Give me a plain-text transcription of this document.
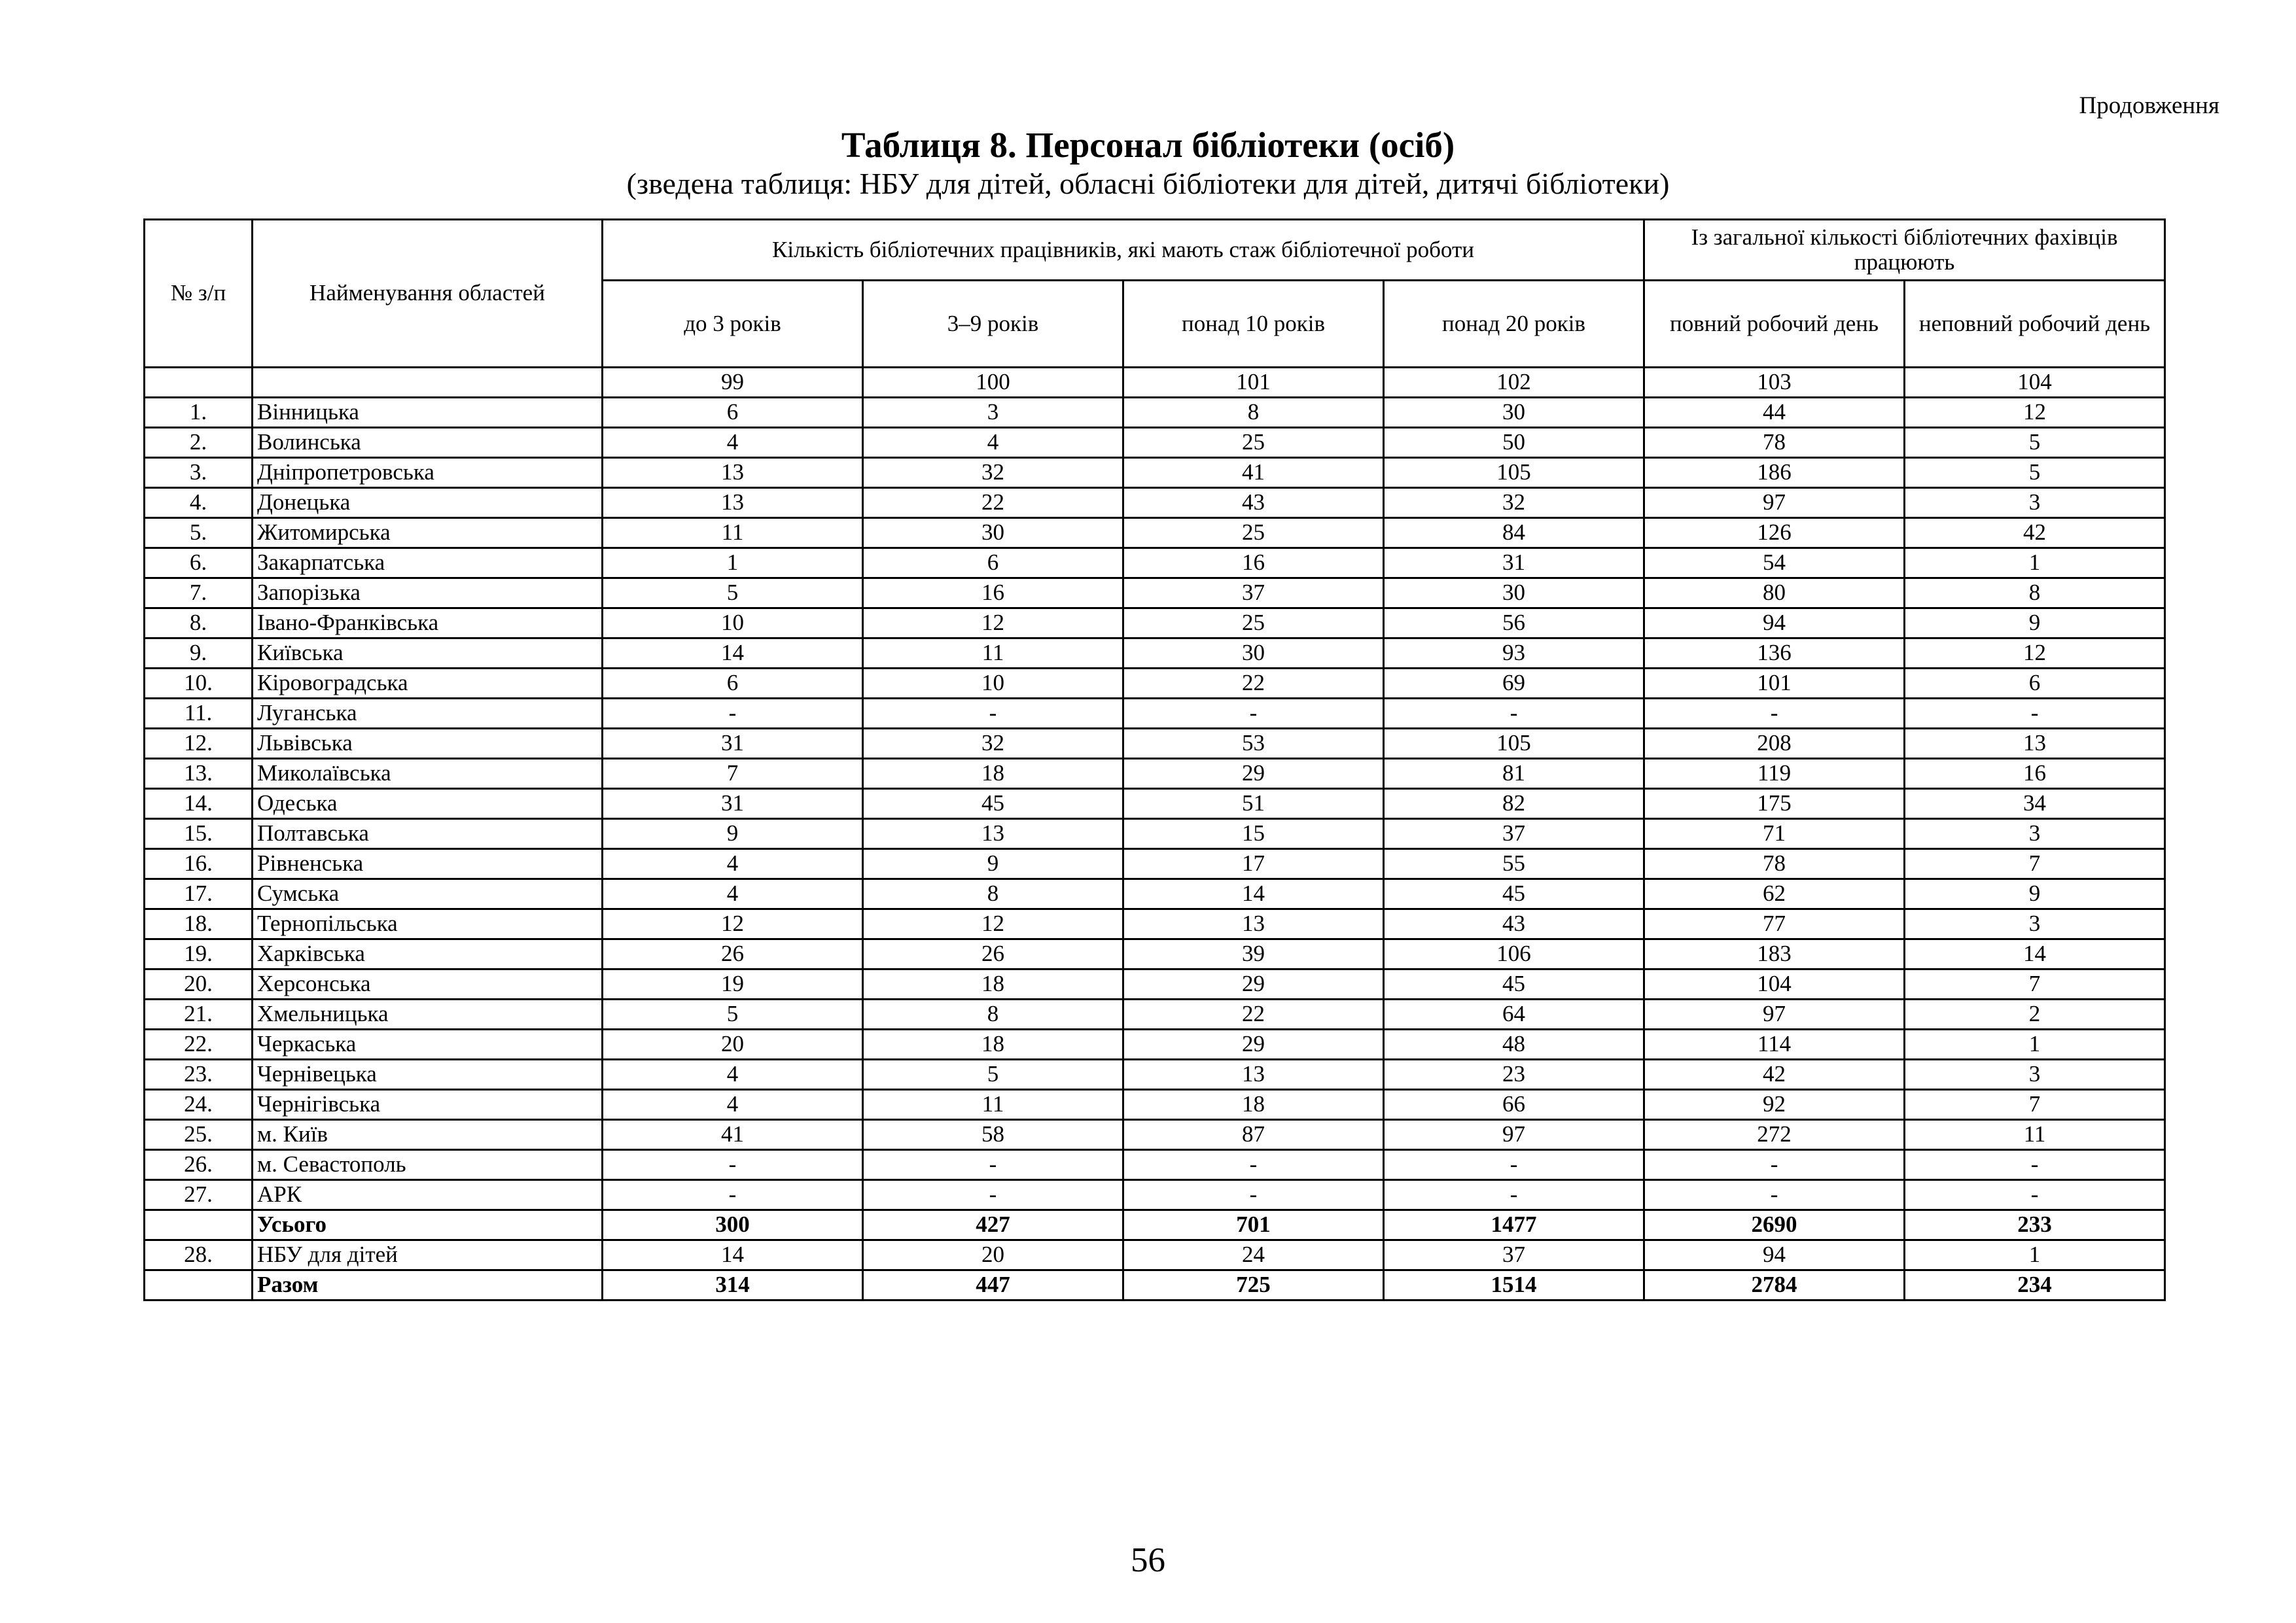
Продовження
Таблиця 8. Персонал бібліотеки (осіб)
(зведена таблиця: НБУ для дітей, обласні бібліотеки для дітей, дитячі бібліотеки)
№ з/п	Найменування областей	Кількість бібліотечних працівників, які мають стаж бібліотечної роботи				Із загальної кількості бібліотечних фахівців працюють	
		до 3 років	3–9 років	понад 10 років	понад 20 років	повний робочий день	неповний робочий день
		99	100	101	102	103	104
1.	Вінницька	6	3	8	30	44	12
2.	Волинська	4	4	25	50	78	5
3.	Дніпропетровська	13	32	41	105	186	5
4.	Донецька	13	22	43	32	97	3
5.	Житомирська	11	30	25	84	126	42
6.	Закарпатська	1	6	16	31	54	1
7.	Запорізька	5	16	37	30	80	8
8.	Івано-Франківська	10	12	25	56	94	9
9.	Київська	14	11	30	93	136	12
10.	Кіровоградська	6	10	22	69	101	6
11.	Луганська	-	-	-	-	-	-
12.	Львівська	31	32	53	105	208	13
13.	Миколаївська	7	18	29	81	119	16
14.	Одеська	31	45	51	82	175	34
15.	Полтавська	9	13	15	37	71	3
16.	Рівненська	4	9	17	55	78	7
17.	Сумська	4	8	14	45	62	9
18.	Тернопільська	12	12	13	43	77	3
19.	Харківська	26	26	39	106	183	14
20.	Херсонська	19	18	29	45	104	7
21.	Хмельницька	5	8	22	64	97	2
22.	Черкаська	20	18	29	48	114	1
23.	Чернівецька	4	5	13	23	42	3
24.	Чернігівська	4	11	18	66	92	7
25.	м. Київ	41	58	87	97	272	11
26.	м. Севастополь	-	-	-	-	-	-
27.	АРК	-	-	-	-	-	-
	Усього	300	427	701	1477	2690	233
28.	НБУ для дітей	14	20	24	37	94	1
	Разом	314	447	725	1514	2784	234
56
